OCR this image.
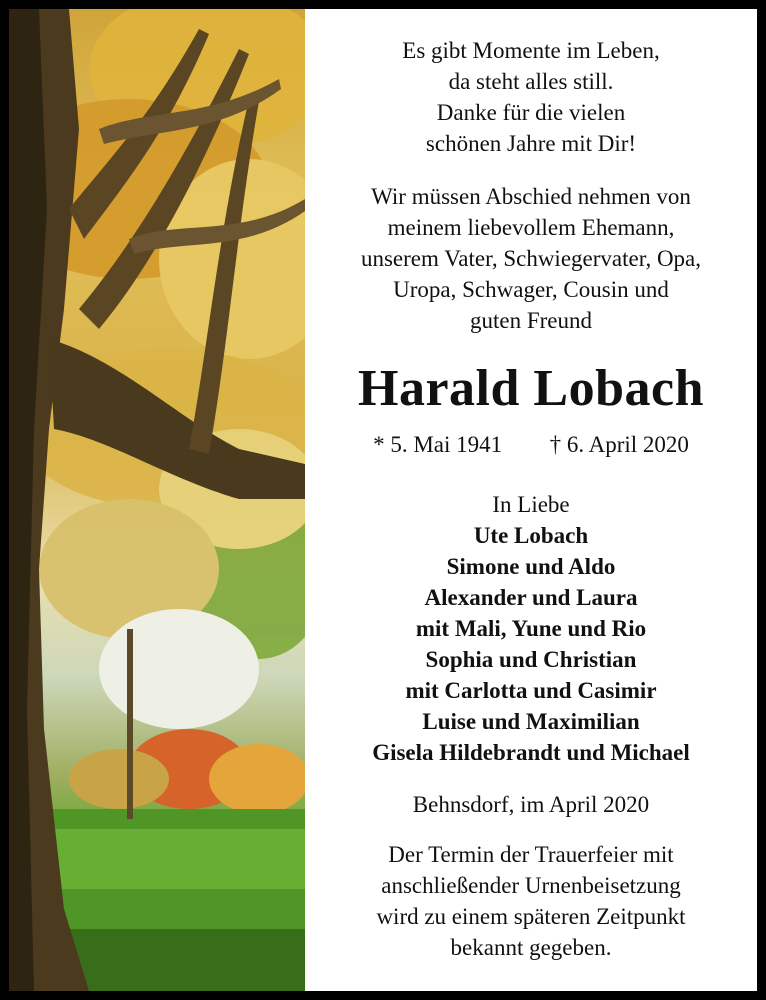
Es gibt Momente im Leben,
da steht alles still.
Danke für die vielen
schönen Jahre mit Dir!
Wir müssen Abschied nehmen von
meinem liebevollem Ehemann,
unserem Vater, Schwiegervater, Opa,
Uropa, Schwager, Cousin und
guten Freund
Harald Lobach
* 5. Mai 1941 † 6. April 2020
In Liebe
Ute Lobach
Simone und Aldo
Alexander und Laura
mit Mali, Yune und Rio
Sophia und Christian
mit Carlotta und Casimir
Luise und Maximilian
Gisela Hildebrandt und Michael
Behnsdorf, im April 2020
Der Termin der Trauerfeier mit
anschließender Urnenbeisetzung
wird zu einem späteren Zeitpunkt
bekannt gegeben.
